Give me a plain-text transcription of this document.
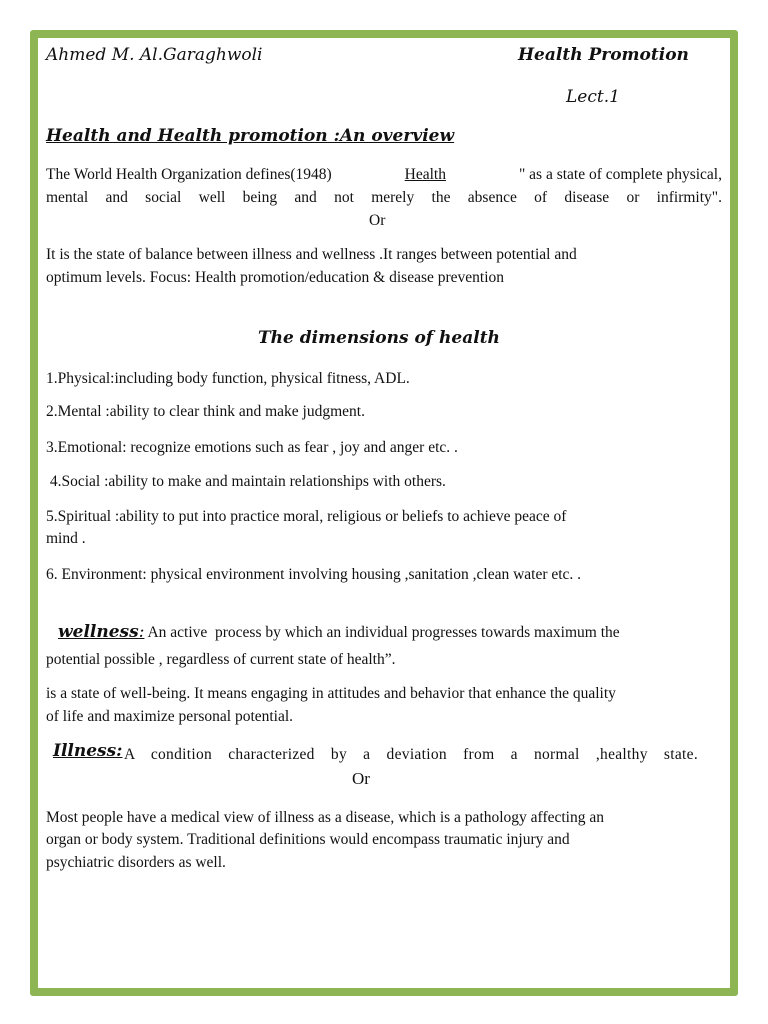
Ahmed M. Al.Garaghwoli	Health Promotion
Lect.1
Health and Health promotion :An overview
The World Health Organization defines(1948)	Health	" as a state of complete physical,
mental and social well being and not merely the absence of disease or infirmity".
Or
It is the state of balance between illness and wellness .It ranges between potential and
optimum levels. Focus: Health promotion/education & disease prevention
The dimensions of health
1.Physical:including body function, physical fitness, ADL.
2.Mental :ability to clear think and make judgment.
3.Emotional: recognize emotions such as fear , joy and anger etc. .
4.Social :ability to make and maintain relationships with others.
5.Spiritual :ability to put into practice moral, religious or beliefs to achieve peace of
mind .
6. Environment: physical environment involving housing ,sanitation ,clean water etc. .
wellness: An active  process by which an individual progresses towards maximum the
potential possible , regardless of current state of health”.
is a state of well-being. It means engaging in attitudes and behavior that enhance the quality
of life and maximize personal potential.
Illness: A condition characterized by a deviation from a normal ,healthy state.
Or
Most people have a medical view of illness as a disease, which is a pathology affecting an
organ or body system. Traditional definitions would encompass traumatic injury and
psychiatric disorders as well.
